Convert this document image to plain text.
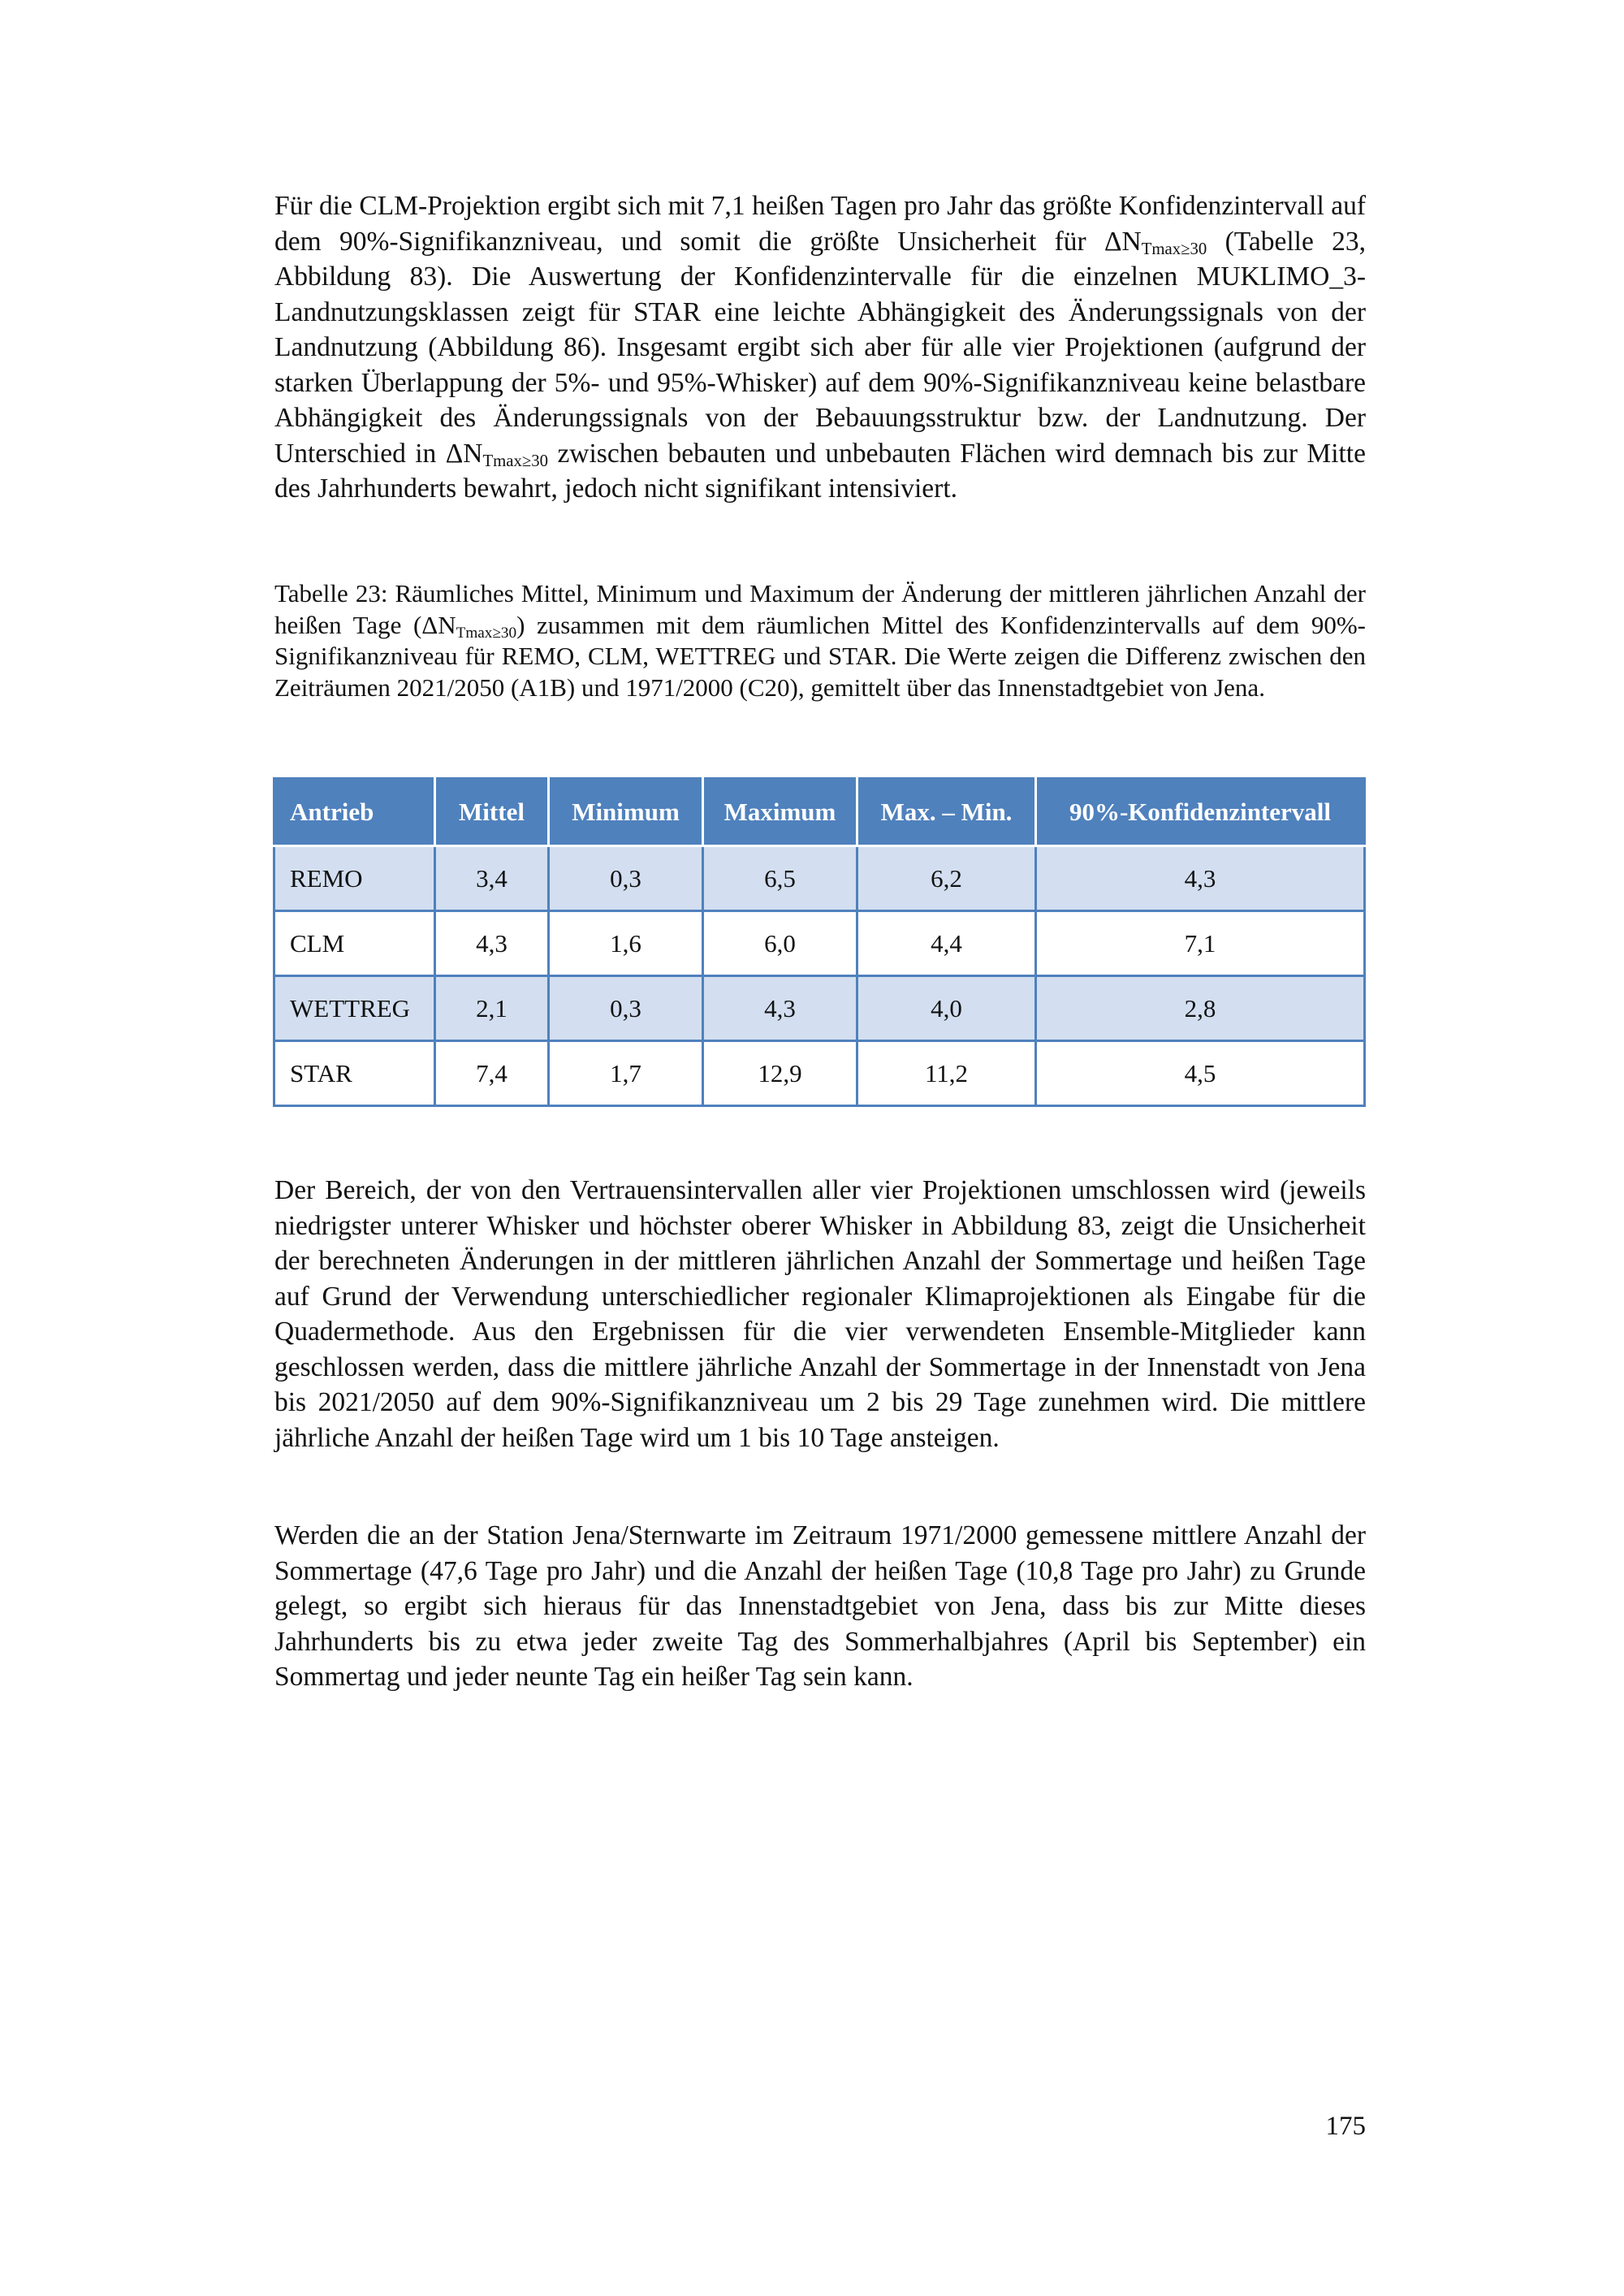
Für die CLM-Projektion ergibt sich mit 7,1 heißen Tagen pro Jahr das größte Konfidenzintervall auf dem 90%-Signifikanzniveau, und somit die größte Unsicherheit für $\Delta N_{Tmax\ge 30}$ (Tabelle 23, Abbildung 83). Die Auswertung der Konfidenzintervalle für die einzelnen MUKLIMO_3-Landnutzungsklassen zeigt für STAR eine leichte Abhängigkeit des Änderungssignals von der Landnutzung (Abbildung 86). Insgesamt ergibt sich aber für alle vier Projektionen (aufgrund der starken Überlappung der 5%- und 95%-Whisker) auf dem 90%-Signifikanzniveau keine belastbare Abhängigkeit des Änderungssignals von der Bebauungsstruktur bzw. der Landnutzung. Der Unterschied in $\Delta N_{Tmax\ge 30}$ zwischen bebauten und unbebauten Flächen wird demnach bis zur Mitte des Jahrhunderts bewahrt, jedoch nicht signifikant intensiviert.

Tabelle 23: Räumliches Mittel, Minimum und Maximum der Änderung der mittleren jährlichen Anzahl der heißen Tage $(\Delta N_{Tmax\ge 30})$ zusammen mit dem räumlichen Mittel des Konfidenzintervalls auf dem 90%-Signifikanzniveau für REMO, CLM, WETTREG und STAR. Die Werte zeigen die Differenz zwischen den Zeiträumen 2021/2050 (A1B) und 1971/2000 (C20), gemittelt über das Innenstadtgebiet von Jena.

Antrieb	Mittel	Minimum	Maximum	Max. – Min.	90%-Konfidenzintervall
REMO	3,4	0,3	6,5	6,2	4,3
CLM	4,3	1,6	6,0	4,4	7,1
WETTREG	2,1	0,3	4,3	4,0	2,8
STAR	7,4	1,7	12,9	11,2	4,5

Der Bereich, der von den Vertrauensintervallen aller vier Projektionen umschlossen wird (jeweils niedrigster unterer Whisker und höchster oberer Whisker in Abbildung 83, zeigt die Unsicherheit der berechneten Änderungen in der mittleren jährlichen Anzahl der Sommertage und heißen Tage auf Grund der Verwendung unterschiedlicher regionaler Klimaprojektionen als Eingabe für die Quadermethode. Aus den Ergebnissen für die vier verwendeten Ensemble-Mitglieder kann geschlossen werden, dass die mittlere jährliche Anzahl der Sommertage in der Innenstadt von Jena bis 2021/2050 auf dem 90%-Signifikanzniveau um 2 bis 29 Tage zunehmen wird. Die mittlere jährliche Anzahl der heißen Tage wird um 1 bis 10 Tage ansteigen.

Werden die an der Station Jena/Sternwarte im Zeitraum 1971/2000 gemessene mittlere Anzahl der Sommertage (47,6 Tage pro Jahr) und die Anzahl der heißen Tage (10,8 Tage pro Jahr) zu Grunde gelegt, so ergibt sich hieraus für das Innenstadtgebiet von Jena, dass bis zur Mitte dieses Jahrhunderts bis zu etwa jeder zweite Tag des Sommerhalbjahres (April bis September) ein Sommertag und jeder neunte Tag ein heißer Tag sein kann.

175
